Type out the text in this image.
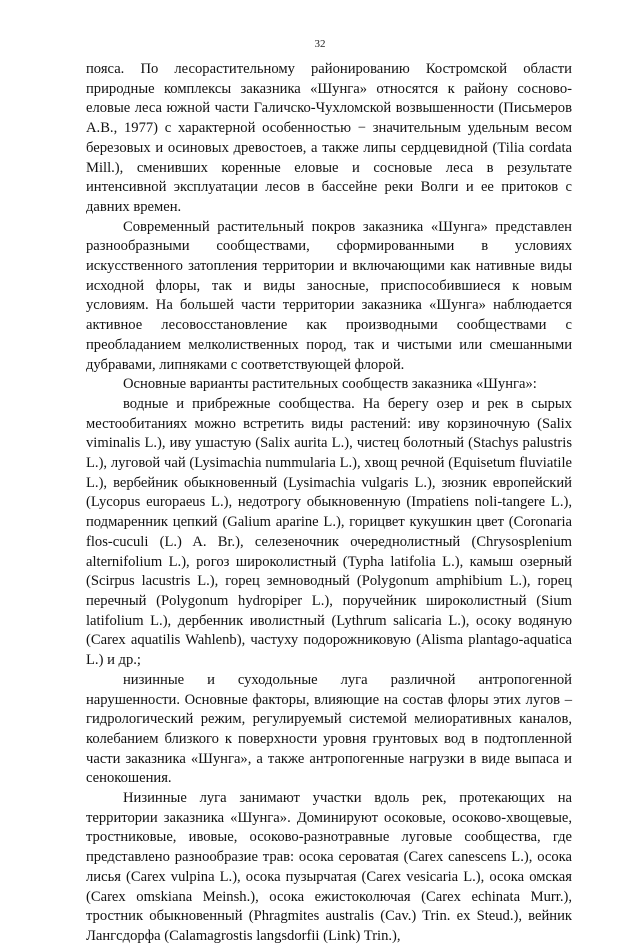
32

пояса. По лесорастительному районированию Костромской области природные комплексы заказника «Шунга» относятся к району сосново-еловые леса южной части Галичско-Чухломской возвышенности (Письмеров А.В., 1977) с характерной особенностью − значительным удельным весом березовых и осиновых древостоев, а также липы сердцевидной (Tilia cordata Mill.), сменивших коренные еловые и сосновые леса в результате интенсивной эксплуатации лесов в бассейне реки Волги и ее притоков с давних времен.

Современный растительный покров заказника «Шунга» представлен разнообразными сообществами, сформированными в условиях искусственного затопления территории и включающими как нативные виды исходной флоры, так и виды заносные, приспособившиеся к новым условиям. На большей части территории заказника «Шунга» наблюдается активное лесовосстановление как производными сообществами с преобладанием мелколиственных пород, так и чистыми или смешанными дубравами, липняками с соответствующей флорой.

Основные варианты растительных сообществ заказника «Шунга»:

водные и прибрежные сообщества. На берегу озер и рек в сырых местообитаниях можно встретить виды растений: иву корзиночную (Salix viminalis L.), иву ушастую (Salix aurita L.), чистец болотный (Stachys palustris L.), луговой чай (Lysimachia nummularia L.), хвощ речной (Equisetum fluviatile L.), вербейник обыкновенный (Lysimachia vulgaris L.), зюзник европейский (Lycopus europaeus L.), недотрогу обыкновенную (Impatiens noli-tangere L.), подмаренник цепкий (Galium aparine L.), горицвет кукушкин цвет (Coronaria flos-cuculi (L.) A. Br.), селезеночник очереднолистный (Chrysosplenium alternifolium L.), рогоз широколистный (Typha latifolia L.), камыш озерный (Scirpus lacustris L.), горец земноводный (Polygonum amphibium L.), горец перечный (Polygonum hydropiper L.), поручейник широколистный (Sium latifolium L.), дербенник иволистный (Lythrum salicaria L.), осоку водяную (Carex aquatilis Wahlenb), частуху подорожниковую (Alisma plantago-aquatica L.) и др.;

низинные и суходольные луга различной антропогенной нарушенности. Основные факторы, влияющие на состав флоры этих лугов – гидрологический режим, регулируемый системой мелиоративных каналов, колебанием близкого к поверхности уровня грунтовых вод в подтопленной части заказника «Шунга», а также антропогенные нагрузки в виде выпаса и сенокошения.

Низинные луга занимают участки вдоль рек, протекающих на территории заказника «Шунга». Доминируют осоковые, осоково-хвощевые, тростниковые, ивовые, осоково-разнотравные луговые сообщества, где представлено разнообразие трав: осока сероватая (Carex canescens L.), осока лисья (Carex vulpina L.), осока пузырчатая (Carex vesicaria L.), осока омская (Carex omskiana Meinsh.), осока ежистоколючая (Carex echinata Murr.), тростник обыкновенный (Phragmites australis (Cav.) Trin. ex Steud.), вейник Лангсдорфа (Calamagrostis langsdorfii (Link) Trin.),
